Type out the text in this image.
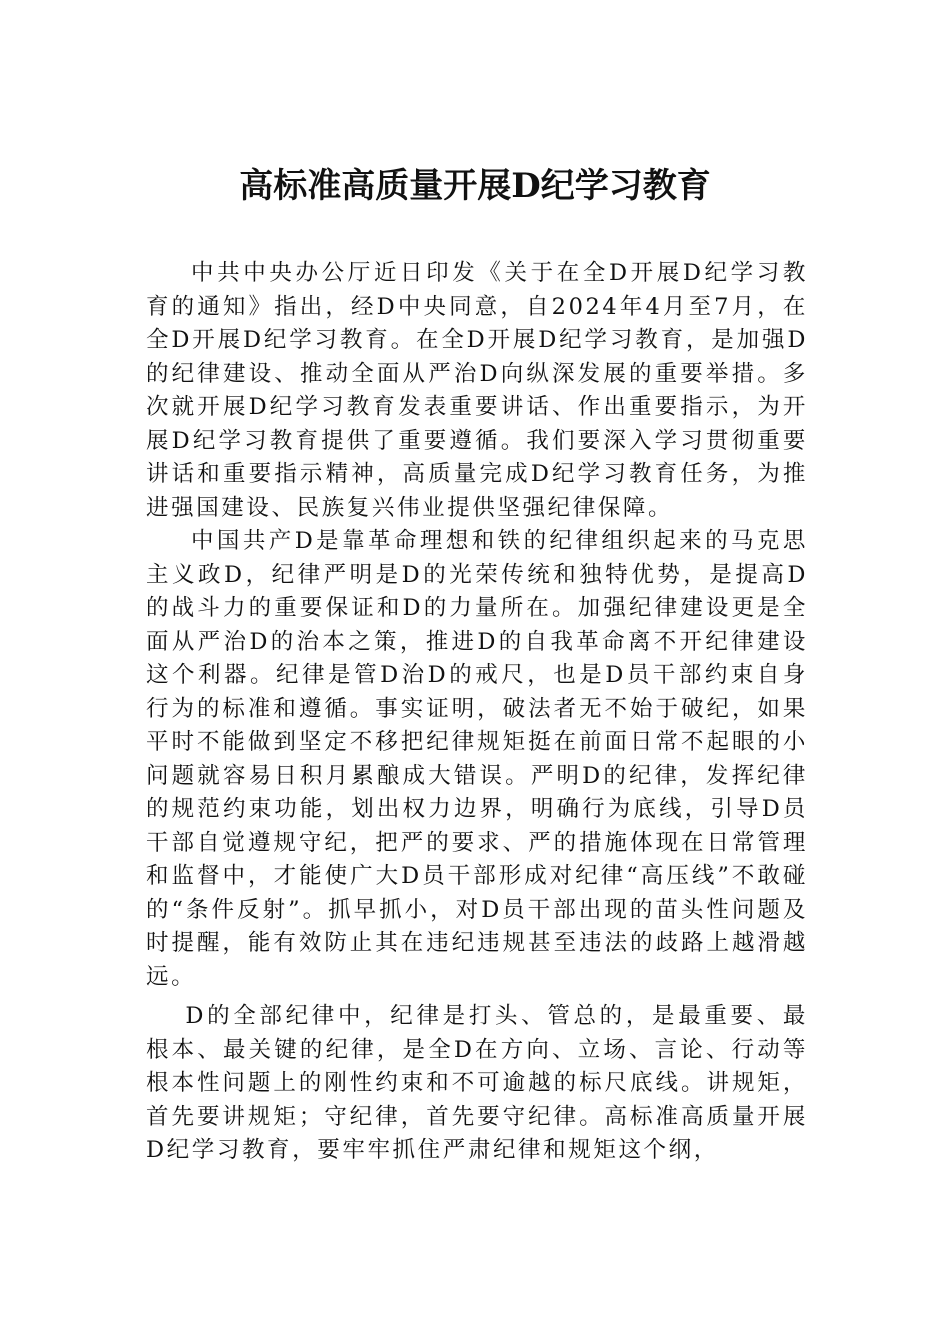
高标准高质量开展D纪学习教育

中共中央办公厅近日印发《关于在全D开展D纪学习教育的通知》指出，经D中央同意，自2024年4月至7月，在全D开展D纪学习教育。在全D开展D纪学习教育，是加强D的纪律建设、推动全面从严治D向纵深发展的重要举措。多次就开展D纪学习教育发表重要讲话、作出重要指示，为开展D纪学习教育提供了重要遵循。我们要深入学习贯彻重要讲话和重要指示精神，高质量完成D纪学习教育任务，为推进强国建设、民族复兴伟业提供坚强纪律保障。

中国共产D是靠革命理想和铁的纪律组织起来的马克思主义政D，纪律严明是D的光荣传统和独特优势，是提高D的战斗力的重要保证和D的力量所在。加强纪律建设更是全面从严治D的治本之策，推进D的自我革命离不开纪律建设这个利器。纪律是管D治D的戒尺，也是D员干部约束自身行为的标准和遵循。事实证明，破法者无不始于破纪，如果平时不能做到坚定不移把纪律规矩挺在前面日常不起眼的小问题就容易日积月累酿成大错误。严明D的纪律，发挥纪律的规范约束功能，划出权力边界，明确行为底线，引导D员干部自觉遵规守纪，把严的要求、严的措施体现在日常管理和监督中，才能使广大D员干部形成对纪律“高压线”不敢碰的“条件反射”。抓早抓小，对D员干部出现的苗头性问题及时提醒，能有效防止其在违纪违规甚至违法的歧路上越滑越远。

D的全部纪律中，纪律是打头、管总的，是最重要、最根本、最关键的纪律，是全D在方向、立场、言论、行动等根本性问题上的刚性约束和不可逾越的标尺底线。讲规矩，首先要讲规矩；守纪律，首先要守纪律。高标准高质量开展D纪学习教育，要牢牢抓住严肃纪律和规矩这个纲，
